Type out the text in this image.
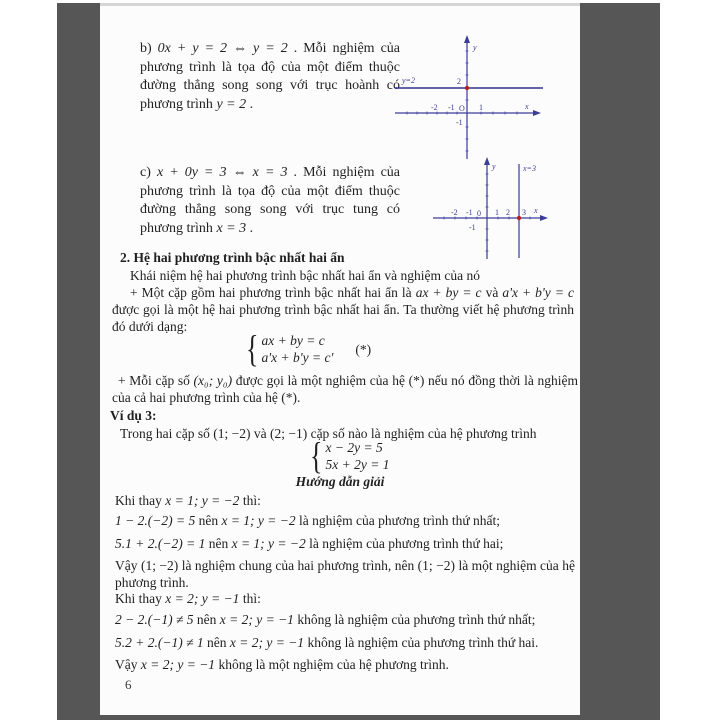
b) 0x + y = 2 ⇔ y = 2 . Mỗi nghiệm của phương trình là tọa độ của một điểm thuộc đường thẳng song song với trục hoành có phương trình y = 2 .
y
y=2	2
-2 -1 O 1	x
-1
c) x + 0y = 3 ⇔ x = 3 . Mỗi nghiệm của phương trình là tọa độ của một điểm thuộc đường thẳng song song với trục tung có phương trình x = 3 .
y	x=3
-2 -1 0 1 2 3 x
-1
2. Hệ hai phương trình bậc nhất hai ẩn
Khái niệm hệ hai phương trình bậc nhất hai ẩn và nghiệm của nó
+ Một cặp gồm hai phương trình bậc nhất hai ẩn là ax + by = c và a'x + b'y = c được gọi là một hệ hai phương trình bậc nhất hai ẩn. Ta thường viết hệ phương trình đó dưới dạng:
{ ax + by = c
a'x + b'y = c'
(*)
+ Mỗi cặp số (x₀; y₀) được gọi là một nghiệm của hệ (*) nếu nó đồng thời là nghiệm của cả hai phương trình của hệ (*).
Ví dụ 3:
Trong hai cặp số (1; −2) và (2; −1) cặp số nào là nghiệm của hệ phương trình
{ x − 2y = 5
5x + 2y = 1
Hướng dẫn giải
Khi thay x = 1; y = −2 thì:
1 − 2.(−2) = 5 nên x = 1; y = −2 là nghiệm của phương trình thứ nhất;
5.1 + 2.(−2) = 1 nên x = 1; y = −2 là nghiệm của phương trình thứ hai;
Vậy (1; −2) là nghiệm chung của hai phương trình, nên (1; −2) là một nghiệm của hệ phương trình.
Khi thay x = 2; y = −1 thì:
2 − 2.(−1) ≠ 5 nên x = 2; y = −1 không là nghiệm của phương trình thứ nhất;
5.2 + 2.(−1) ≠ 1 nên x = 2; y = −1 không là nghiệm của phương trình thứ hai.
Vậy x = 2; y = −1 không là một nghiệm của hệ phương trình.
6
